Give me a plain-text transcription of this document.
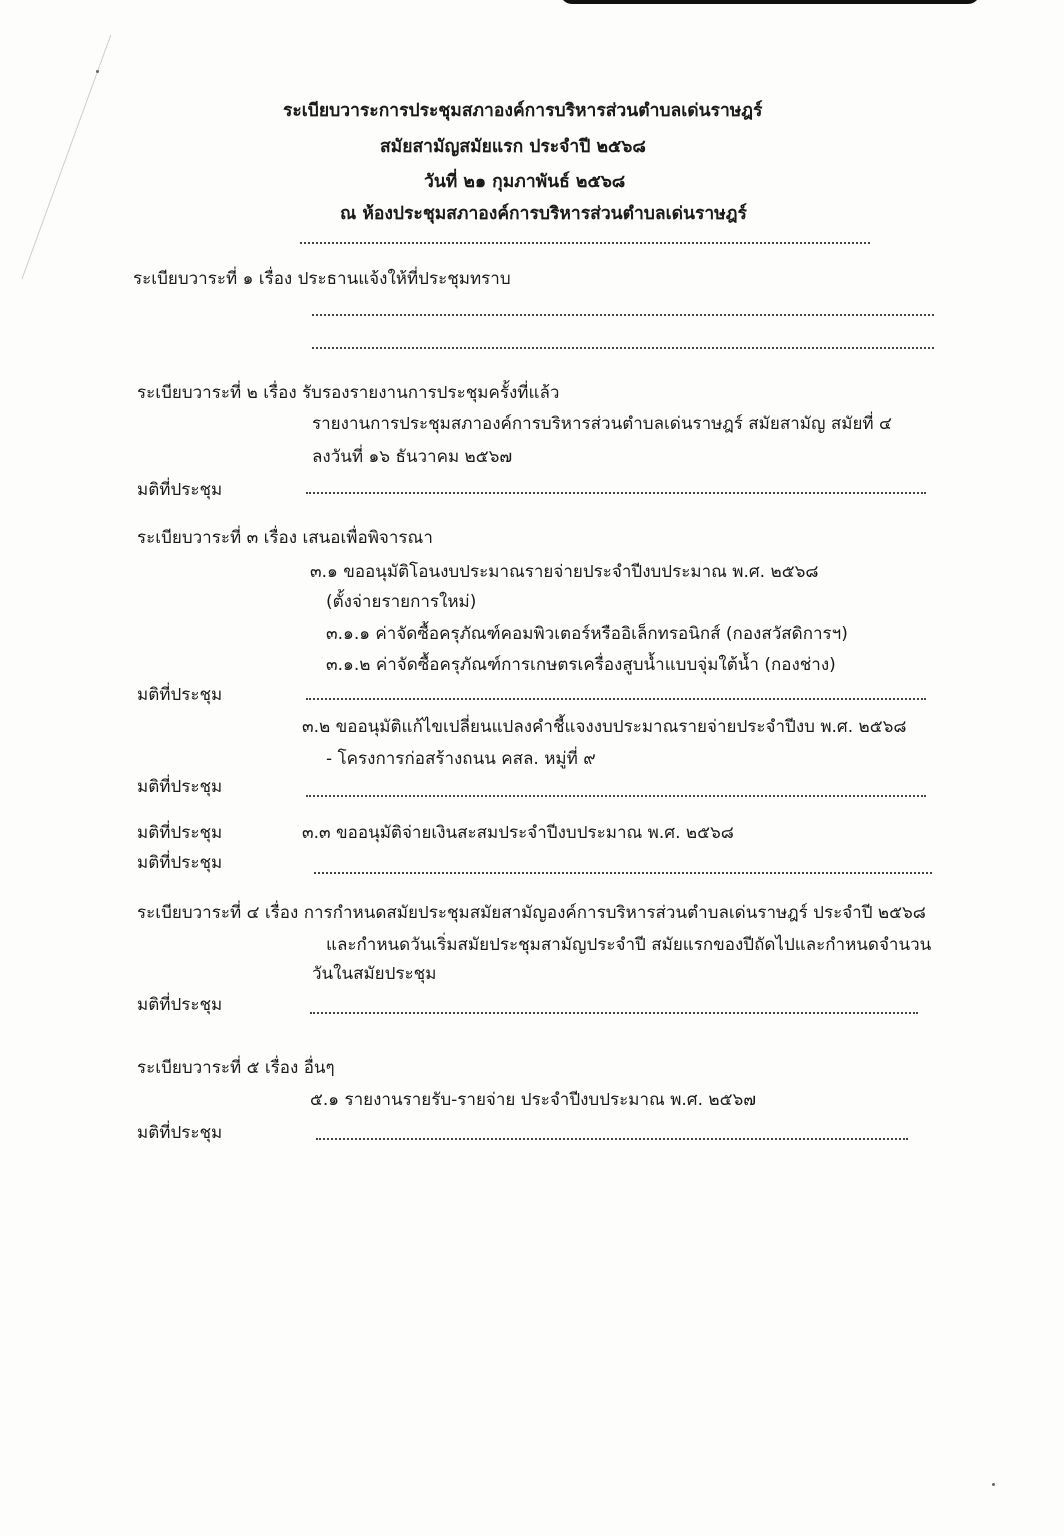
ระเบียบวาระการประชุมสภาองค์การบริหารส่วนตำบลเด่นราษฎร์
สมัยสามัญสมัยแรก ประจำปี ๒๕๖๘
วันที่ ๒๑ กุมภาพันธ์ ๒๕๖๘
ณ ห้องประชุมสภาองค์การบริหารส่วนตำบลเด่นราษฎร์
ระเบียบวาระที่ ๑ เรื่อง ประธานแจ้งให้ที่ประชุมทราบ
ระเบียบวาระที่ ๒ เรื่อง รับรองรายงานการประชุมครั้งที่แล้ว
รายงานการประชุมสภาองค์การบริหารส่วนตำบลเด่นราษฎร์ สมัยสามัญ สมัยที่ ๔
ลงวันที่ ๑๖ ธันวาคม ๒๕๖๗
มติที่ประชุม
ระเบียบวาระที่ ๓ เรื่อง เสนอเพื่อพิจารณา
๓.๑ ขออนุมัติโอนงบประมาณรายจ่ายประจำปีงบประมาณ พ.ศ. ๒๕๖๘
(ตั้งจ่ายรายการใหม่)
๓.๑.๑ ค่าจัดซื้อครุภัณฑ์คอมพิวเตอร์หรืออิเล็กทรอนิกส์ (กองสวัสดิการฯ)
๓.๑.๒ ค่าจัดซื้อครุภัณฑ์การเกษตรเครื่องสูบน้ำแบบจุ่มใต้น้ำ (กองช่าง)
มติที่ประชุม
๓.๒ ขออนุมัติแก้ไขเปลี่ยนแปลงคำชี้แจงงบประมาณรายจ่ายประจำปีงบ พ.ศ. ๒๕๖๘
- โครงการก่อสร้างถนน คสล. หมู่ที่ ๙
มติที่ประชุม
มติที่ประชุม	๓.๓ ขออนุมัติจ่ายเงินสะสมประจำปีงบประมาณ พ.ศ. ๒๕๖๘
มติที่ประชุม
ระเบียบวาระที่ ๔ เรื่อง การกำหนดสมัยประชุมสมัยสามัญองค์การบริหารส่วนตำบลเด่นราษฎร์ ประจำปี ๒๕๖๘
และกำหนดวันเริ่มสมัยประชุมสามัญประจำปี สมัยแรกของปีถัดไปและกำหนดจำนวน
วันในสมัยประชุม
มติที่ประชุม
ระเบียบวาระที่ ๕ เรื่อง อื่นๆ
๕.๑ รายงานรายรับ-รายจ่าย ประจำปีงบประมาณ พ.ศ. ๒๕๖๗
มติที่ประชุม
